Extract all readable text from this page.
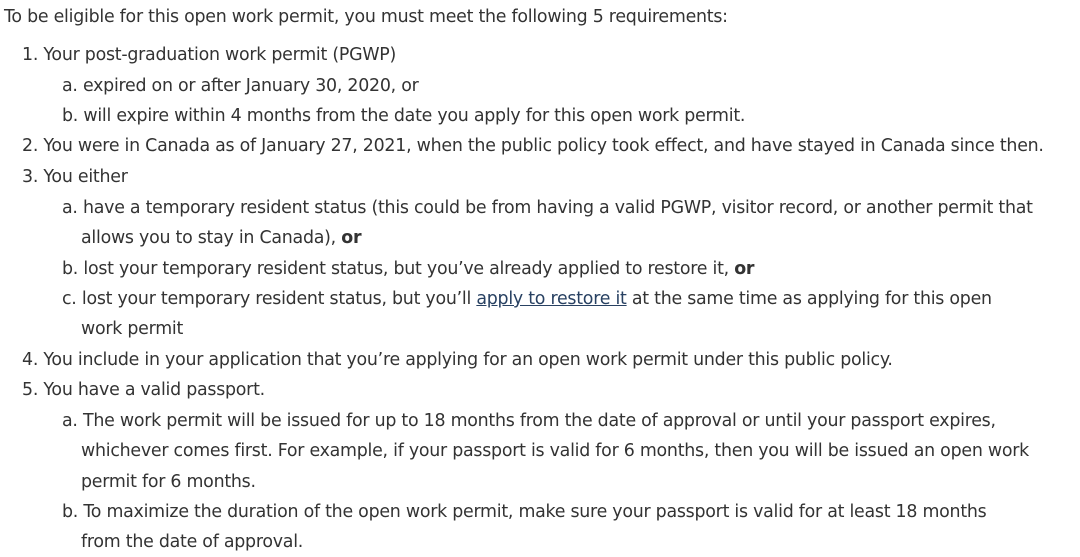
To be eligible for this open work permit, you must meet the following 5 requirements:
1. Your post-graduation work permit (PGWP)
a. expired on or after January 30, 2020, or
b. will expire within 4 months from the date you apply for this open work permit.
2. You were in Canada as of January 27, 2021, when the public policy took effect, and have stayed in Canada since then.
3. You either
a. have a temporary resident status (this could be from having a valid PGWP, visitor record, or another permit that
allows you to stay in Canada), or
b. lost your temporary resident status, but you’ve already applied to restore it, or
c. lost your temporary resident status, but you’ll apply to restore it at the same time as applying for this open
work permit
4. You include in your application that you’re applying for an open work permit under this public policy.
5. You have a valid passport.
a. The work permit will be issued for up to 18 months from the date of approval or until your passport expires,
whichever comes first. For example, if your passport is valid for 6 months, then you will be issued an open work
permit for 6 months.
b. To maximize the duration of the open work permit, make sure your passport is valid for at least 18 months
from the date of approval.
